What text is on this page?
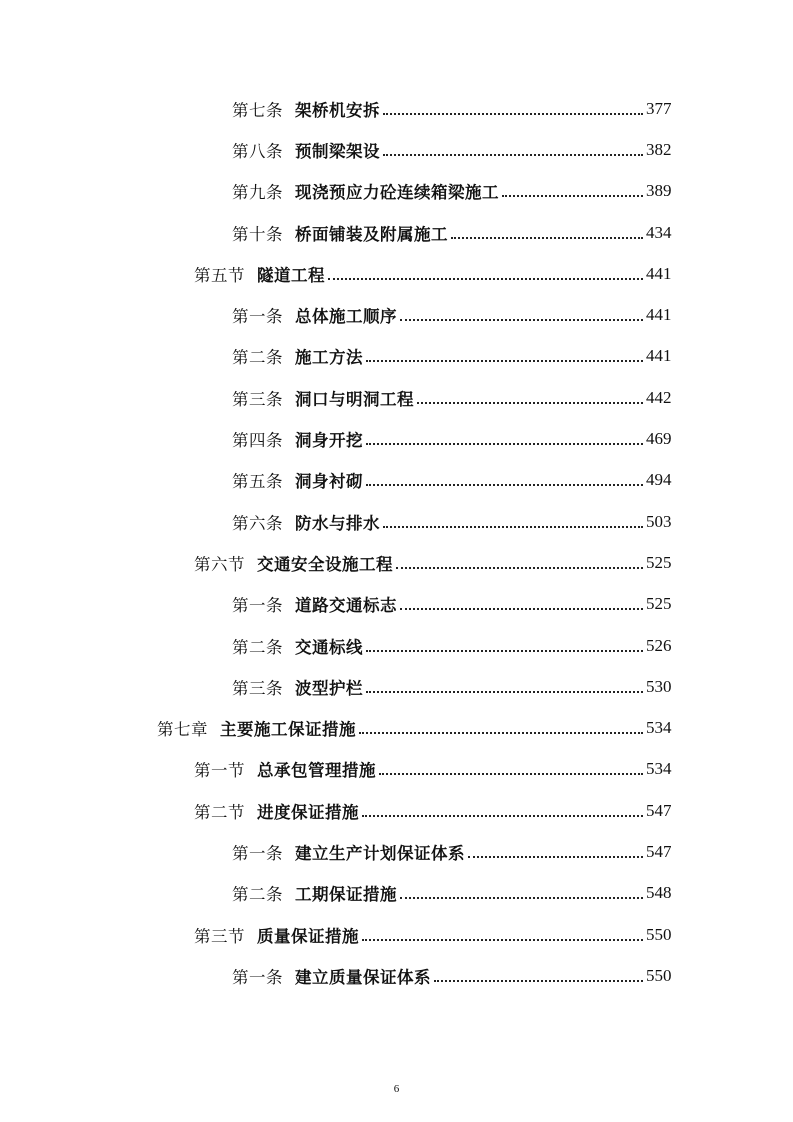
第七条 架桥机安拆	377
第八条 预制梁架设	382
第九条 现浇预应力砼连续箱梁施工	389
第十条 桥面铺装及附属施工	434
第五节 隧道工程	441
第一条 总体施工顺序	441
第二条 施工方法	441
第三条 洞口与明洞工程	442
第四条 洞身开挖	469
第五条 洞身衬砌	494
第六条 防水与排水	503
第六节 交通安全设施工程	525
第一条 道路交通标志	525
第二条 交通标线	526
第三条 波型护栏	530
第七章 主要施工保证措施	534
第一节 总承包管理措施	534
第二节 进度保证措施	547
第一条 建立生产计划保证体系	547
第二条 工期保证措施	548
第三节 质量保证措施	550
第一条 建立质量保证体系	550
6
